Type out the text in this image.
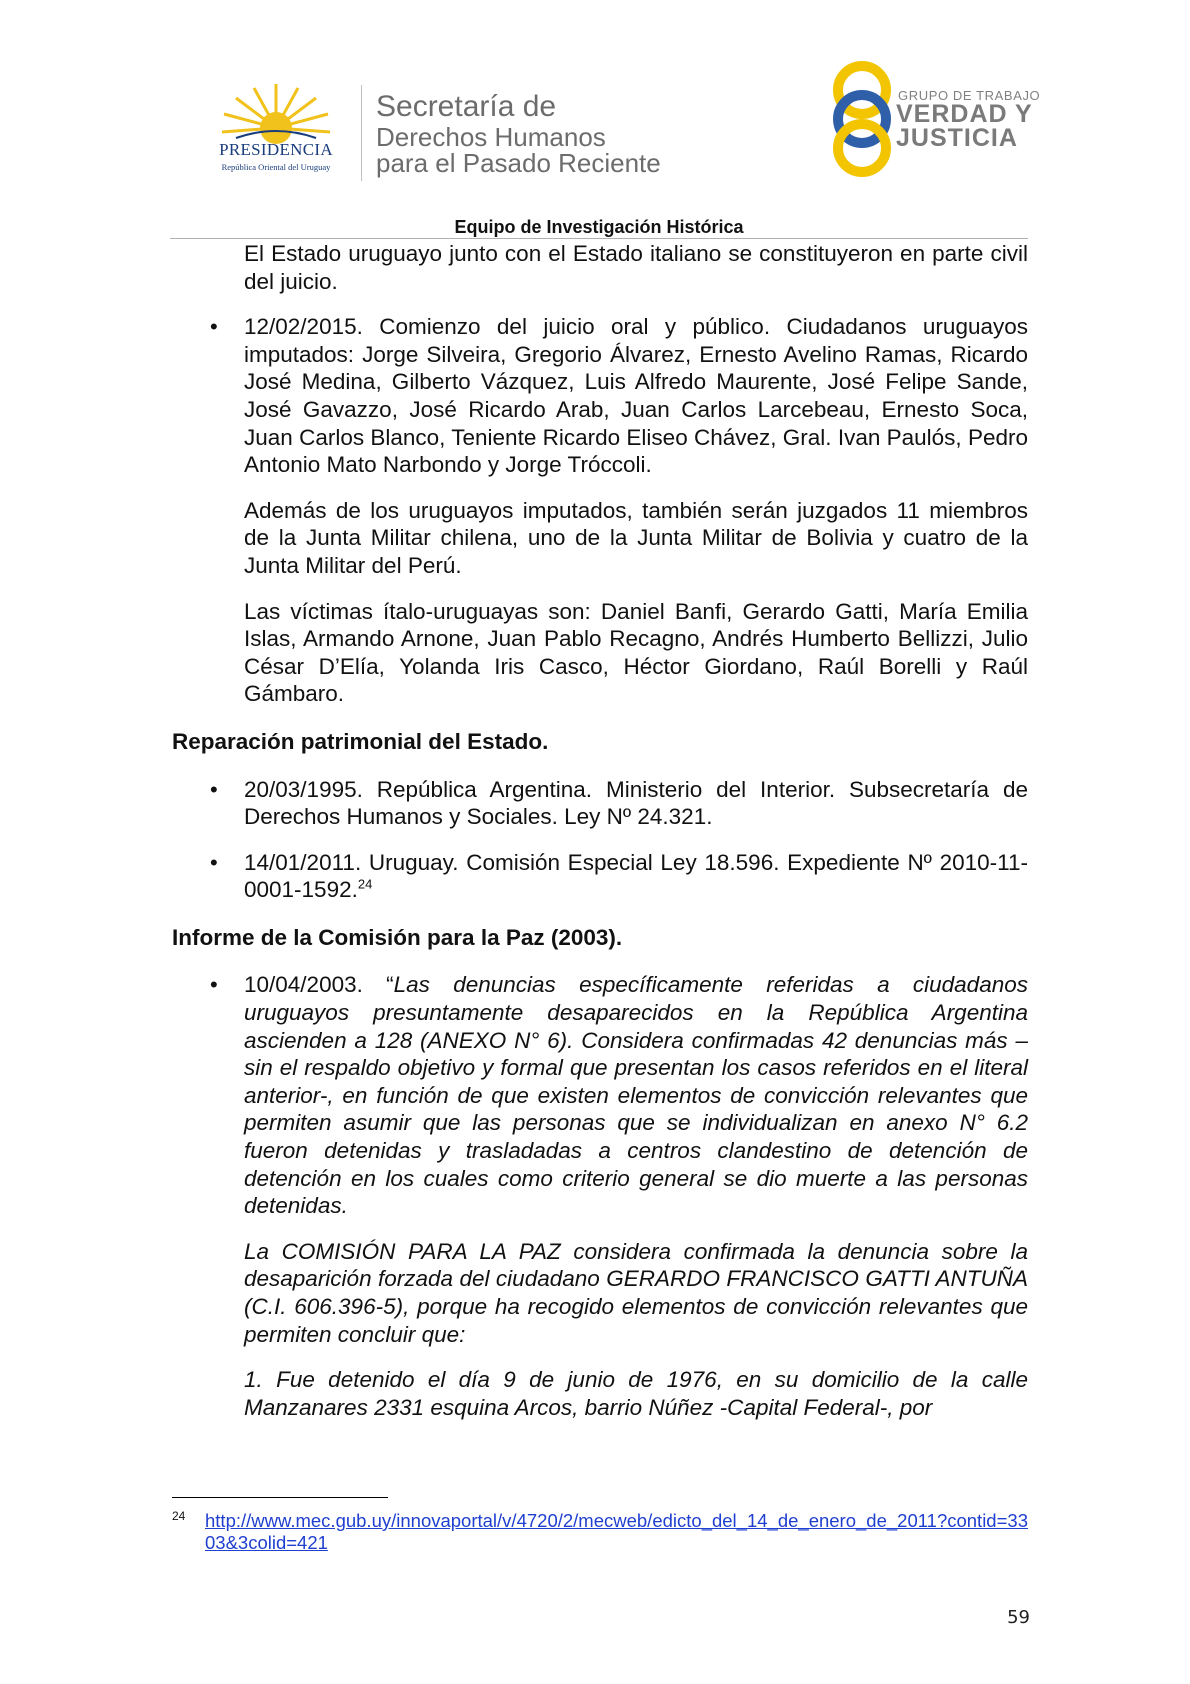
PRESIDENCIA
República Oriental del Uruguay
Secretaría de
Derechos Humanos
para el Pasado Reciente
GRUPO DE TRABAJO
VERDAD Y
JUSTICIA
Equipo de Investigación Histórica

El Estado uruguayo junto con el Estado italiano se constituyeron en parte civil del juicio.

• 12/02/2015. Comienzo del juicio oral y público. Ciudadanos uruguayos imputados: Jorge Silveira, Gregorio Álvarez, Ernesto Avelino Ramas, Ricardo José Medina, Gilberto Vázquez, Luis Alfredo Maurente, José Felipe Sande, José Gavazzo, José Ricardo Arab, Juan Carlos Larcebeau, Ernesto Soca, Juan Carlos Blanco, Teniente Ricardo Eliseo Chávez, Gral. Ivan Paulós, Pedro Antonio Mato Narbondo y Jorge Tróccoli.

Además de los uruguayos imputados, también serán juzgados 11 miembros de la Junta Militar chilena, uno de la Junta Militar de Bolivia y cuatro de la Junta Militar del Perú.

Las víctimas ítalo-uruguayas son: Daniel Banfi, Gerardo Gatti, María Emilia Islas, Armando Arnone, Juan Pablo Recagno, Andrés Humberto Bellizzi, Julio César D’Elía, Yolanda Iris Casco, Héctor Giordano, Raúl Borelli y Raúl Gámbaro.

Reparación patrimonial del Estado.

• 20/03/1995. República Argentina. Ministerio del Interior. Subsecretaría de Derechos Humanos y Sociales. Ley Nº 24.321.

• 14/01/2011. Uruguay. Comisión Especial Ley 18.596. Expediente Nº 2010-11-0001-1592.24

Informe de la Comisión para la Paz (2003).

• 10/04/2003. “Las denuncias específicamente referidas a ciudadanos uruguayos presuntamente desaparecidos en la República Argentina ascienden a 128 (ANEXO N° 6). Considera confirmadas 42 denuncias más –sin el respaldo objetivo y formal que presentan los casos referidos en el literal anterior-, en función de que existen elementos de convicción relevantes que permiten asumir que las personas que se individualizan en anexo N° 6.2 fueron detenidas y trasladadas a centros clandestino de detención de detención en los cuales como criterio general se dio muerte a las personas detenidas.

La COMISIÓN PARA LA PAZ considera confirmada la denuncia sobre la desaparición forzada del ciudadano GERARDO FRANCISCO GATTI ANTUÑA (C.I. 606.396-5), porque ha recogido elementos de convicción relevantes que permiten concluir que:

1. Fue detenido el día 9 de junio de 1976, en su domicilio de la calle Manzanares 2331 esquina Arcos, barrio Núñez -Capital Federal-, por

24 http://www.mec.gub.uy/innovaportal/v/4720/2/mecweb/edicto_del_14_de_enero_de_2011?contid=3303&3colid=421
59
